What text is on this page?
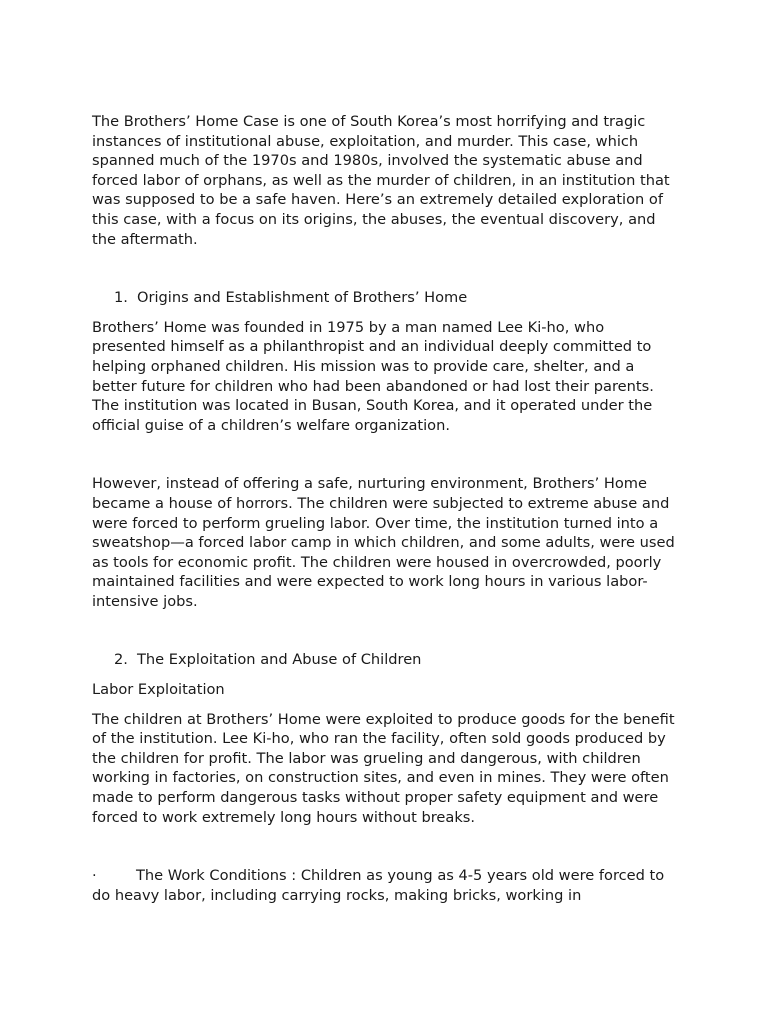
The Brothers’ Home Case is one of South Korea’s most horrifying and tragic instances of institutional abuse, exploitation, and murder. This case, which spanned much of the 1970s and 1980s, involved the systematic abuse and forced labor of orphans, as well as the murder of children, in an institution that was supposed to be a safe haven. Here’s an extremely detailed exploration of this case, with a focus on its origins, the abuses, the eventual discovery, and the aftermath.

1. Origins and Establishment of Brothers’ Home

Brothers’ Home was founded in 1975 by a man named Lee Ki-ho, who presented himself as a philanthropist and an individual deeply committed to helping orphaned children. His mission was to provide care, shelter, and a better future for children who had been abandoned or had lost their parents. The institution was located in Busan, South Korea, and it operated under the official guise of a children’s welfare organization.

However, instead of offering a safe, nurturing environment, Brothers’ Home became a house of horrors. The children were subjected to extreme abuse and were forced to perform grueling labor. Over time, the institution turned into a sweatshop—a forced labor camp in which children, and some adults, were used as tools for economic profit. The children were housed in overcrowded, poorly maintained facilities and were expected to work long hours in various labor-intensive jobs.

2. The Exploitation and Abuse of Children

Labor Exploitation

The children at Brothers’ Home were exploited to produce goods for the benefit of the institution. Lee Ki-ho, who ran the facility, often sold goods produced by the children for profit. The labor was grueling and dangerous, with children working in factories, on construction sites, and even in mines. They were often made to perform dangerous tasks without proper safety equipment and were forced to work extremely long hours without breaks.

·	The Work Conditions : Children as young as 4-5 years old were forced to do heavy labor, including carrying rocks, making bricks, working in
